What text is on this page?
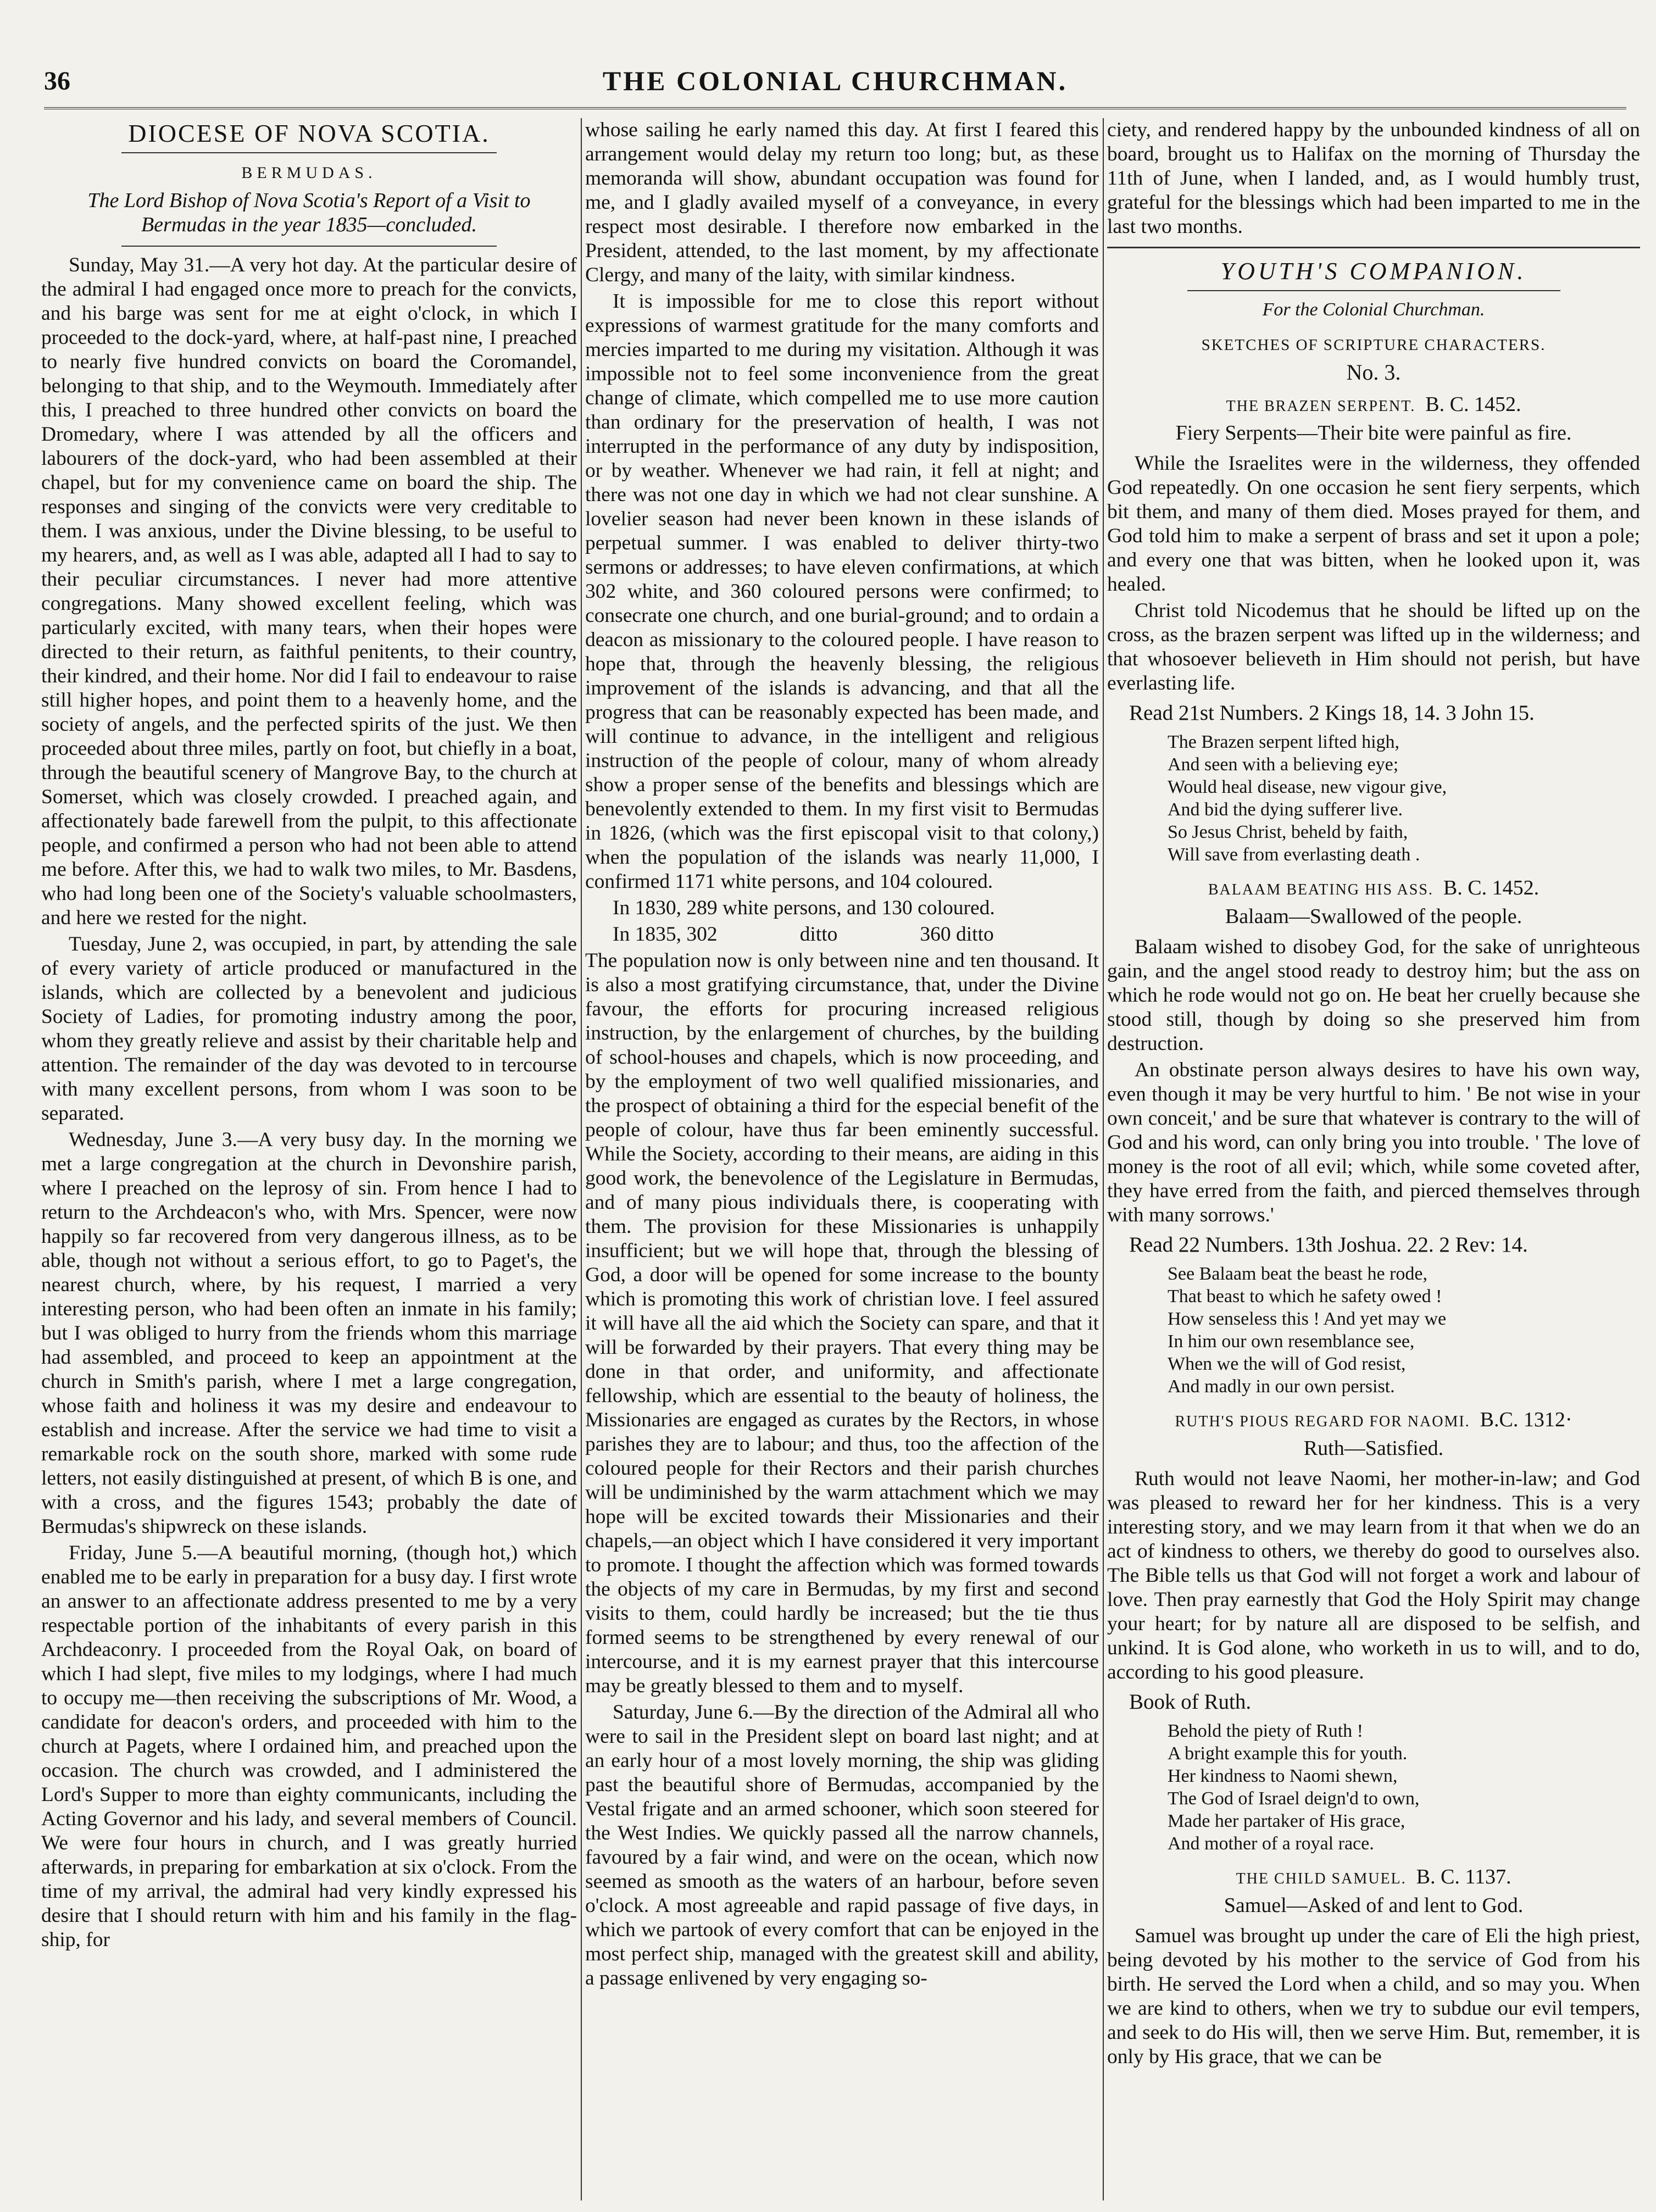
36	THE COLONIAL CHURCHMAN.
DIOCESE OF NOVA SCOTIA.
BERMUDAS.
The Lord Bishop of Nova Scotia's Report of a Visit to Bermudas in the year 1835—concluded.

Sunday, May 31.—A very hot day. At the particular desire of the admiral I had engaged once more to preach for the convicts, and his barge was sent for me at eight o'clock, in which I proceeded to the dock-yard, where, at half-past nine, I preached to nearly five hundred convicts on board the Coromandel, belonging to that ship, and to the Weymouth. Immediately after this, I preached to three hundred other convicts on board the Dromedary, where I was attended by all the officers and labourers of the dock-yard, who had been assembled at their chapel, but for my convenience came on board the ship. The responses and singing of the convicts were very creditable to them. I was anxious, under the Divine blessing, to be useful to my hearers, and, as well as I was able, adapted all I had to say to their peculiar circumstances. I never had more attentive congregations. Many showed excellent feeling, which was particularly excited, with many tears, when their hopes were directed to their return, as faithful penitents, to their country, their kindred, and their home. Nor did I fail to endeavour to raise still higher hopes, and point them to a heavenly home, and the society of angels, and the perfected spirits of the just. We then proceeded about three miles, partly on foot, but chiefly in a boat, through the beautiful scenery of Mangrove Bay, to the church at Somerset, which was closely crowded. I preached again, and affectionately bade farewell from the pulpit, to this affectionate people, and confirmed a person who had not been able to attend me before. After this, we had to walk two miles, to Mr. Basdens, who had long been one of the Society's valuable schoolmasters, and here we rested for the night.

Tuesday, June 2, was occupied, in part, by attending the sale of every variety of article produced or manufactured in the islands, which are collected by a benevolent and judicious Society of Ladies, for promoting industry among the poor, whom they greatly relieve and assist by their charitable help and attention. The remainder of the day was devoted to in tercourse with many excellent persons, from whom I was soon to be separated.

Wednesday, June 3.—A very busy day. In the morning we met a large congregation at the church in Devonshire parish, where I preached on the leprosy of sin. From hence I had to return to the Archdeacon's who, with Mrs. Spencer, were now happily so far recovered from very dangerous illness, as to be able, though not without a serious effort, to go to Paget's, the nearest church, where, by his request, I married a very interesting person, who had been often an inmate in his family; but I was obliged to hurry from the friends whom this marriage had assembled, and proceed to keep an appointment at the church in Smith's parish, where I met a large congregation, whose faith and holiness it was my desire and endeavour to establish and increase. After the service we had time to visit a remarkable rock on the south shore, marked with some rude letters, not easily distinguished at present, of which B is one, and with a cross, and the figures 1543; probably the date of Bermudas's shipwreck on these islands.

Friday, June 5.—A beautiful morning, (though hot,) which enabled me to be early in preparation for a busy day. I first wrote an answer to an affectionate address presented to me by a very respectable portion of the inhabitants of every parish in this Archdeaconry. I proceeded from the Royal Oak, on board of which I had slept, five miles to my lodgings, where I had much to occupy me—then receiving the subscriptions of Mr. Wood, a candidate for deacon's orders, and proceeded with him to the church at Pagets, where I ordained him, and preached upon the occasion. The church was crowded, and I administered the Lord's Supper to more than eighty communicants, including the Acting Governor and his lady, and several members of Council. We were four hours in church, and I was greatly hurried afterwards, in preparing for embarkation at six o'clock. From the time of my arrival, the admiral had very kindly expressed his desire that I should return with him and his family in the flag-ship, for

whose sailing he early named this day. At first I feared this arrangement would delay my return too long; but, as these memoranda will show, abundant occupation was found for me, and I gladly availed myself of a conveyance, in every respect most desirable. I therefore now embarked in the President, attended, to the last moment, by my affectionate Clergy, and many of the laity, with similar kindness.

It is impossible for me to close this report without expressions of warmest gratitude for the many comforts and mercies imparted to me during my visitation. Although it was impossible not to feel some inconvenience from the great change of climate, which compelled me to use more caution than ordinary for the preservation of health, I was not interrupted in the performance of any duty by indisposition, or by weather. Whenever we had rain, it fell at night; and there was not one day in which we had not clear sunshine. A lovelier season had never been known in these islands of perpetual summer. I was enabled to deliver thirty-two sermons or addresses; to have eleven confirmations, at which 302 white, and 360 coloured persons were confirmed; to consecrate one church, and one burial-ground; and to ordain a deacon as missionary to the coloured people. I have reason to hope that, through the heavenly blessing, the religious improvement of the islands is advancing, and that all the progress that can be reasonably expected has been made, and will continue to advance, in the intelligent and religious instruction of the people of colour, many of whom already show a proper sense of the benefits and blessings which are benevolently extended to them. In my first visit to Bermudas in 1826, (which was the first episcopal visit to that colony,) when the population of the islands was nearly 11,000, I confirmed 1171 white persons, and 104 coloured.

In 1830, 289 white persons, and 130 coloured.

In 1835, 302	ditto	360 ditto

The population now is only between nine and ten thousand. It is also a most gratifying circumstance, that, under the Divine favour, the efforts for procuring increased religious instruction, by the enlargement of churches, by the building of school-houses and chapels, which is now proceeding, and by the employment of two well qualified missionaries, and the prospect of obtaining a third for the especial benefit of the people of colour, have thus far been eminently successful. While the Society, according to their means, are aiding in this good work, the benevolence of the Legislature in Bermudas, and of many pious individuals there, is cooperating with them. The provision for these Missionaries is unhappily insufficient; but we will hope that, through the blessing of God, a door will be opened for some increase to the bounty which is promoting this work of christian love. I feel assured it will have all the aid which the Society can spare, and that it will be forwarded by their prayers. That every thing may be done in that order, and uniformity, and affectionate fellowship, which are essential to the beauty of holiness, the Missionaries are engaged as curates by the Rectors, in whose parishes they are to labour; and thus, too the affection of the coloured people for their Rectors and their parish churches will be undiminished by the warm attachment which we may hope will be excited towards their Missionaries and their chapels,—an object which I have considered it very important to promote. I thought the affection which was formed towards the objects of my care in Bermudas, by my first and second visits to them, could hardly be increased; but the tie thus formed seems to be strengthened by every renewal of our intercourse, and it is my earnest prayer that this intercourse may be greatly blessed to them and to myself.

Saturday, June 6.—By the direction of the Admiral all who were to sail in the President slept on board last night; and at an early hour of a most lovely morning, the ship was gliding past the beautiful shore of Bermudas, accompanied by the Vestal frigate and an armed schooner, which soon steered for the West Indies. We quickly passed all the narrow channels, favoured by a fair wind, and were on the ocean, which now seemed as smooth as the waters of an harbour, before seven o'clock. A most agreeable and rapid passage of five days, in which we partook of every comfort that can be enjoyed in the most perfect ship, managed with the greatest skill and ability, a passage enlivened by very engaging so-

ciety, and rendered happy by the unbounded kindness of all on board, brought us to Halifax on the morning of Thursday the 11th of June, when I landed, and, as I would humbly trust, grateful for the blessings which had been imparted to me in the last two months.

YOUTH'S COMPANION.
For the Colonial Churchman.
SKETCHES OF SCRIPTURE CHARACTERS.
No. 3.
THE BRAZEN SERPENT. B. C. 1452.
Fiery Serpents—Their bite were painful as fire.

While the Israelites were in the wilderness, they offended God repeatedly. On one occasion he sent fiery serpents, which bit them, and many of them died. Moses prayed for them, and God told him to make a serpent of brass and set it upon a pole; and every one that was bitten, when he looked upon it, was healed.

Christ told Nicodemus that he should be lifted up on the cross, as the brazen serpent was lifted up in the wilderness; and that whosoever believeth in Him should not perish, but have everlasting life.

Read 21st Numbers. 2 Kings 18, 14. 3 John 15.
The Brazen serpent lifted high,
And seen with a believing eye;
Would heal disease, new vigour give,
And bid the dying sufferer live.
So Jesus Christ, beheld by faith,
Will save from everlasting death .
BALAAM BEATING HIS ASS. B. C. 1452.
Balaam—Swallowed of the people.

Balaam wished to disobey God, for the sake of unrighteous gain, and the angel stood ready to destroy him; but the ass on which he rode would not go on. He beat her cruelly because she stood still, though by doing so she preserved him from destruction.

An obstinate person always desires to have his own way, even though it may be very hurtful to him. ' Be not wise in your own conceit,' and be sure that whatever is contrary to the will of God and his word, can only bring you into trouble. ' The love of money is the root of all evil; which, while some coveted after, they have erred from the faith, and pierced themselves through with many sorrows.'

Read 22 Numbers. 13th Joshua. 22. 2 Rev: 14.
See Balaam beat the beast he rode,
That beast to which he safety owed !
How senseless this ! And yet may we
In him our own resemblance see,
When we the will of God resist,
And madly in our own persist.
RUTH'S PIOUS REGARD FOR NAOMI. B.C. 1312·
Ruth—Satisfied.

Ruth would not leave Naomi, her mother-in-law; and God was pleased to reward her for her kindness. This is a very interesting story, and we may learn from it that when we do an act of kindness to others, we thereby do good to ourselves also. The Bible tells us that God will not forget a work and labour of love. Then pray earnestly that God the Holy Spirit may change your heart; for by nature all are disposed to be selfish, and unkind. It is God alone, who worketh in us to will, and to do, according to his good pleasure.

Book of Ruth.
Behold the piety of Ruth !
A bright example this for youth.
Her kindness to Naomi shewn,
The God of Israel deign'd to own,
Made her partaker of His grace,
And mother of a royal race.
THE CHILD SAMUEL. B. C. 1137.
Samuel—Asked of and lent to God.

Samuel was brought up under the care of Eli the high priest, being devoted by his mother to the service of God from his birth. He served the Lord when a child, and so may you. When we are kind to others, when we try to subdue our evil tempers, and seek to do His will, then we serve Him. But, remember, it is only by His grace, that we can be
